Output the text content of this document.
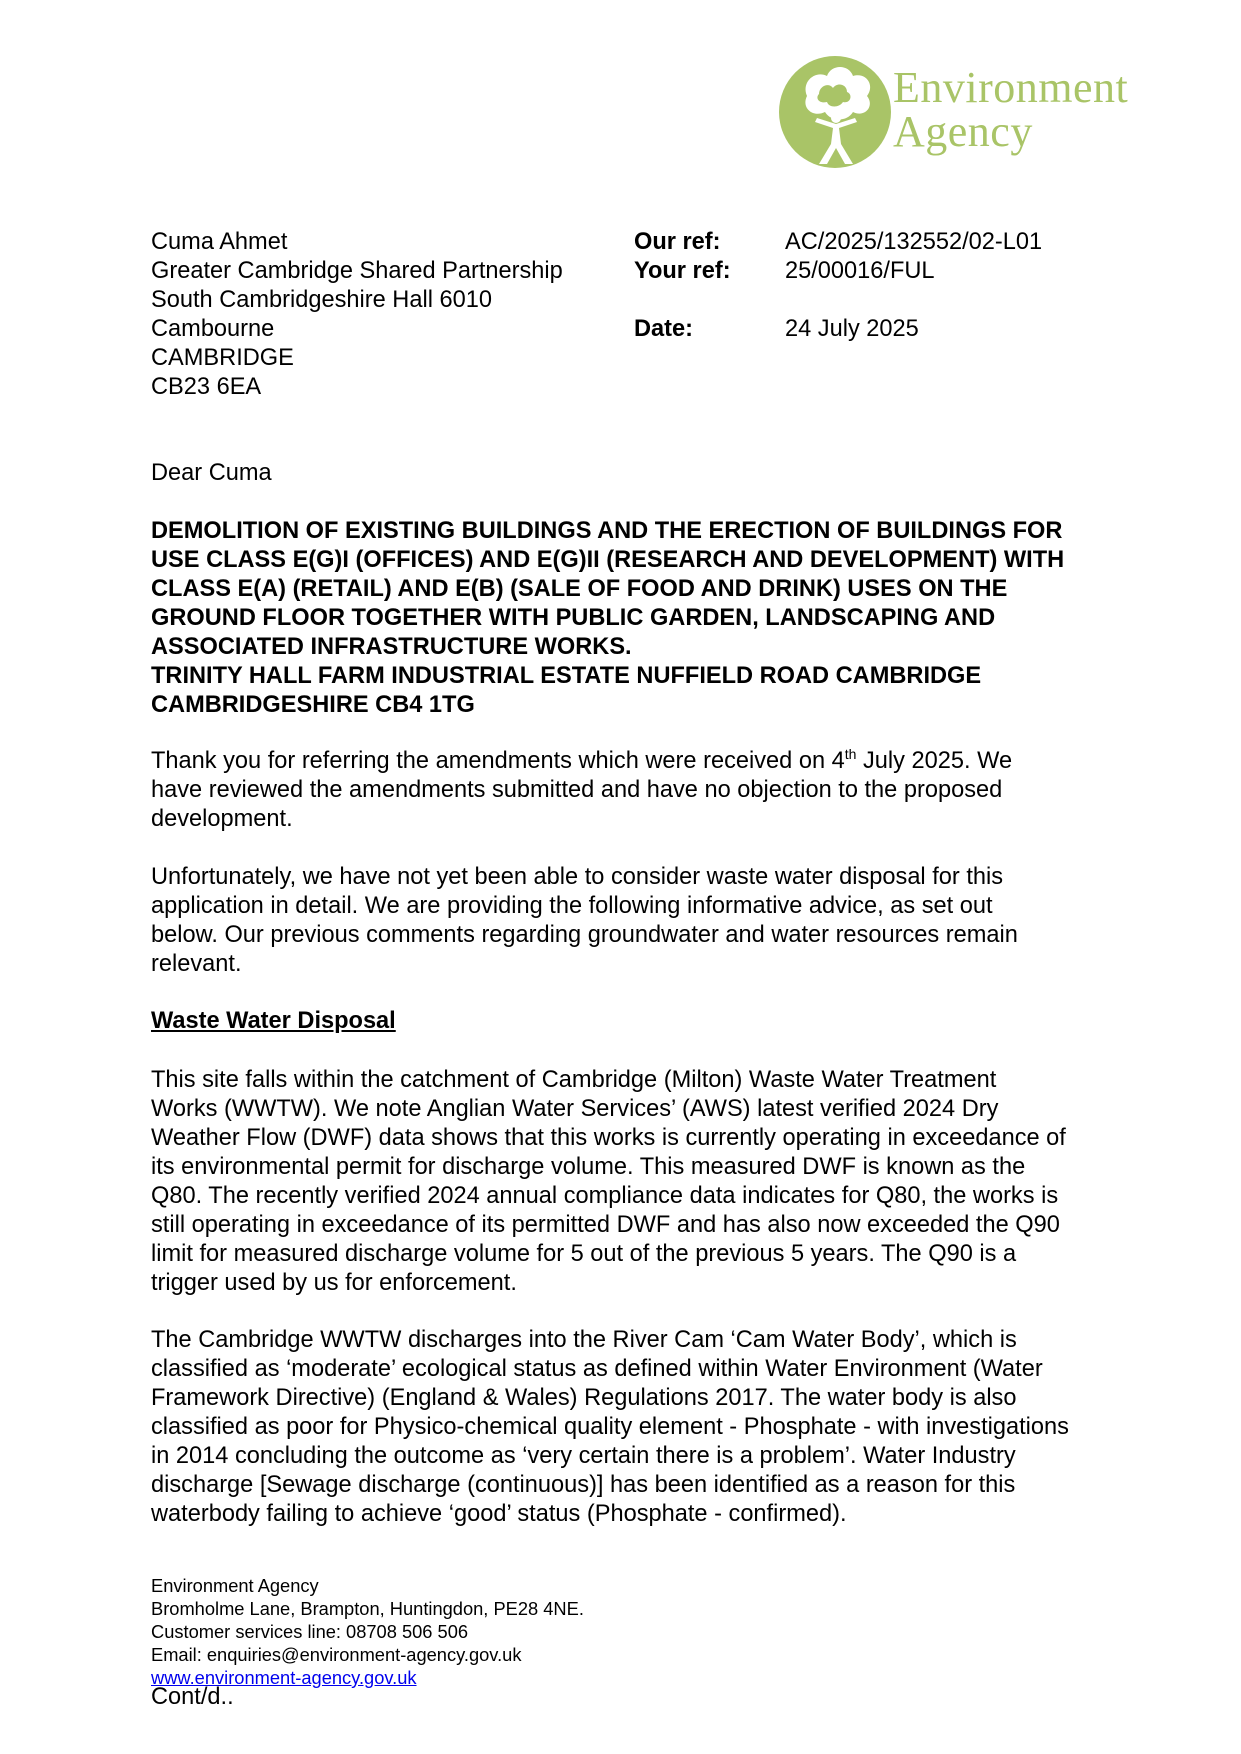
Environment
Agency
Cuma Ahmet
Greater Cambridge Shared Partnership
South Cambridgeshire Hall 6010
Cambourne
CAMBRIDGE
CB23 6EA
Our ref:	AC/2025/132552/02-L01
Your ref: 25/00016/FUL
Date:	24 July 2025
Dear Cuma
DEMOLITION OF EXISTING BUILDINGS AND THE ERECTION OF BUILDINGS FOR
USE CLASS E(G)I (OFFICES) AND E(G)II (RESEARCH AND DEVELOPMENT) WITH
CLASS E(A) (RETAIL) AND E(B) (SALE OF FOOD AND DRINK) USES ON THE
GROUND FLOOR TOGETHER WITH PUBLIC GARDEN, LANDSCAPING AND
ASSOCIATED INFRASTRUCTURE WORKS.
TRINITY HALL FARM INDUSTRIAL ESTATE NUFFIELD ROAD CAMBRIDGE
CAMBRIDGESHIRE CB4 1TG
Thank you for referring the amendments which were received on 4th July 2025. We
have reviewed the amendments submitted and have no objection to the proposed
development.
Unfortunately, we have not yet been able to consider waste water disposal for this
application in detail. We are providing the following informative advice, as set out
below. Our previous comments regarding groundwater and water resources remain
relevant.
Waste Water Disposal
This site falls within the catchment of Cambridge (Milton) Waste Water Treatment
Works (WWTW). We note Anglian Water Services’ (AWS) latest verified 2024 Dry
Weather Flow (DWF) data shows that this works is currently operating in exceedance of
its environmental permit for discharge volume. This measured DWF is known as the
Q80. The recently verified 2024 annual compliance data indicates for Q80, the works is
still operating in exceedance of its permitted DWF and has also now exceeded the Q90
limit for measured discharge volume for 5 out of the previous 5 years. The Q90 is a
trigger used by us for enforcement.
The Cambridge WWTW discharges into the River Cam ‘Cam Water Body’, which is
classified as ‘moderate’ ecological status as defined within Water Environment (Water
Framework Directive) (England & Wales) Regulations 2017. The water body is also
classified as poor for Physico-chemical quality element - Phosphate - with investigations
in 2014 concluding the outcome as ‘very certain there is a problem’. Water Industry
discharge [Sewage discharge (continuous)] has been identified as a reason for this
waterbody failing to achieve ‘good’ status (Phosphate - confirmed).
Environment Agency
Bromholme Lane, Brampton, Huntingdon, PE28 4NE.
Customer services line: 08708 506 506
Email: enquiries@environment-agency.gov.uk
www.environment-agency.gov.uk
Cont/d..
